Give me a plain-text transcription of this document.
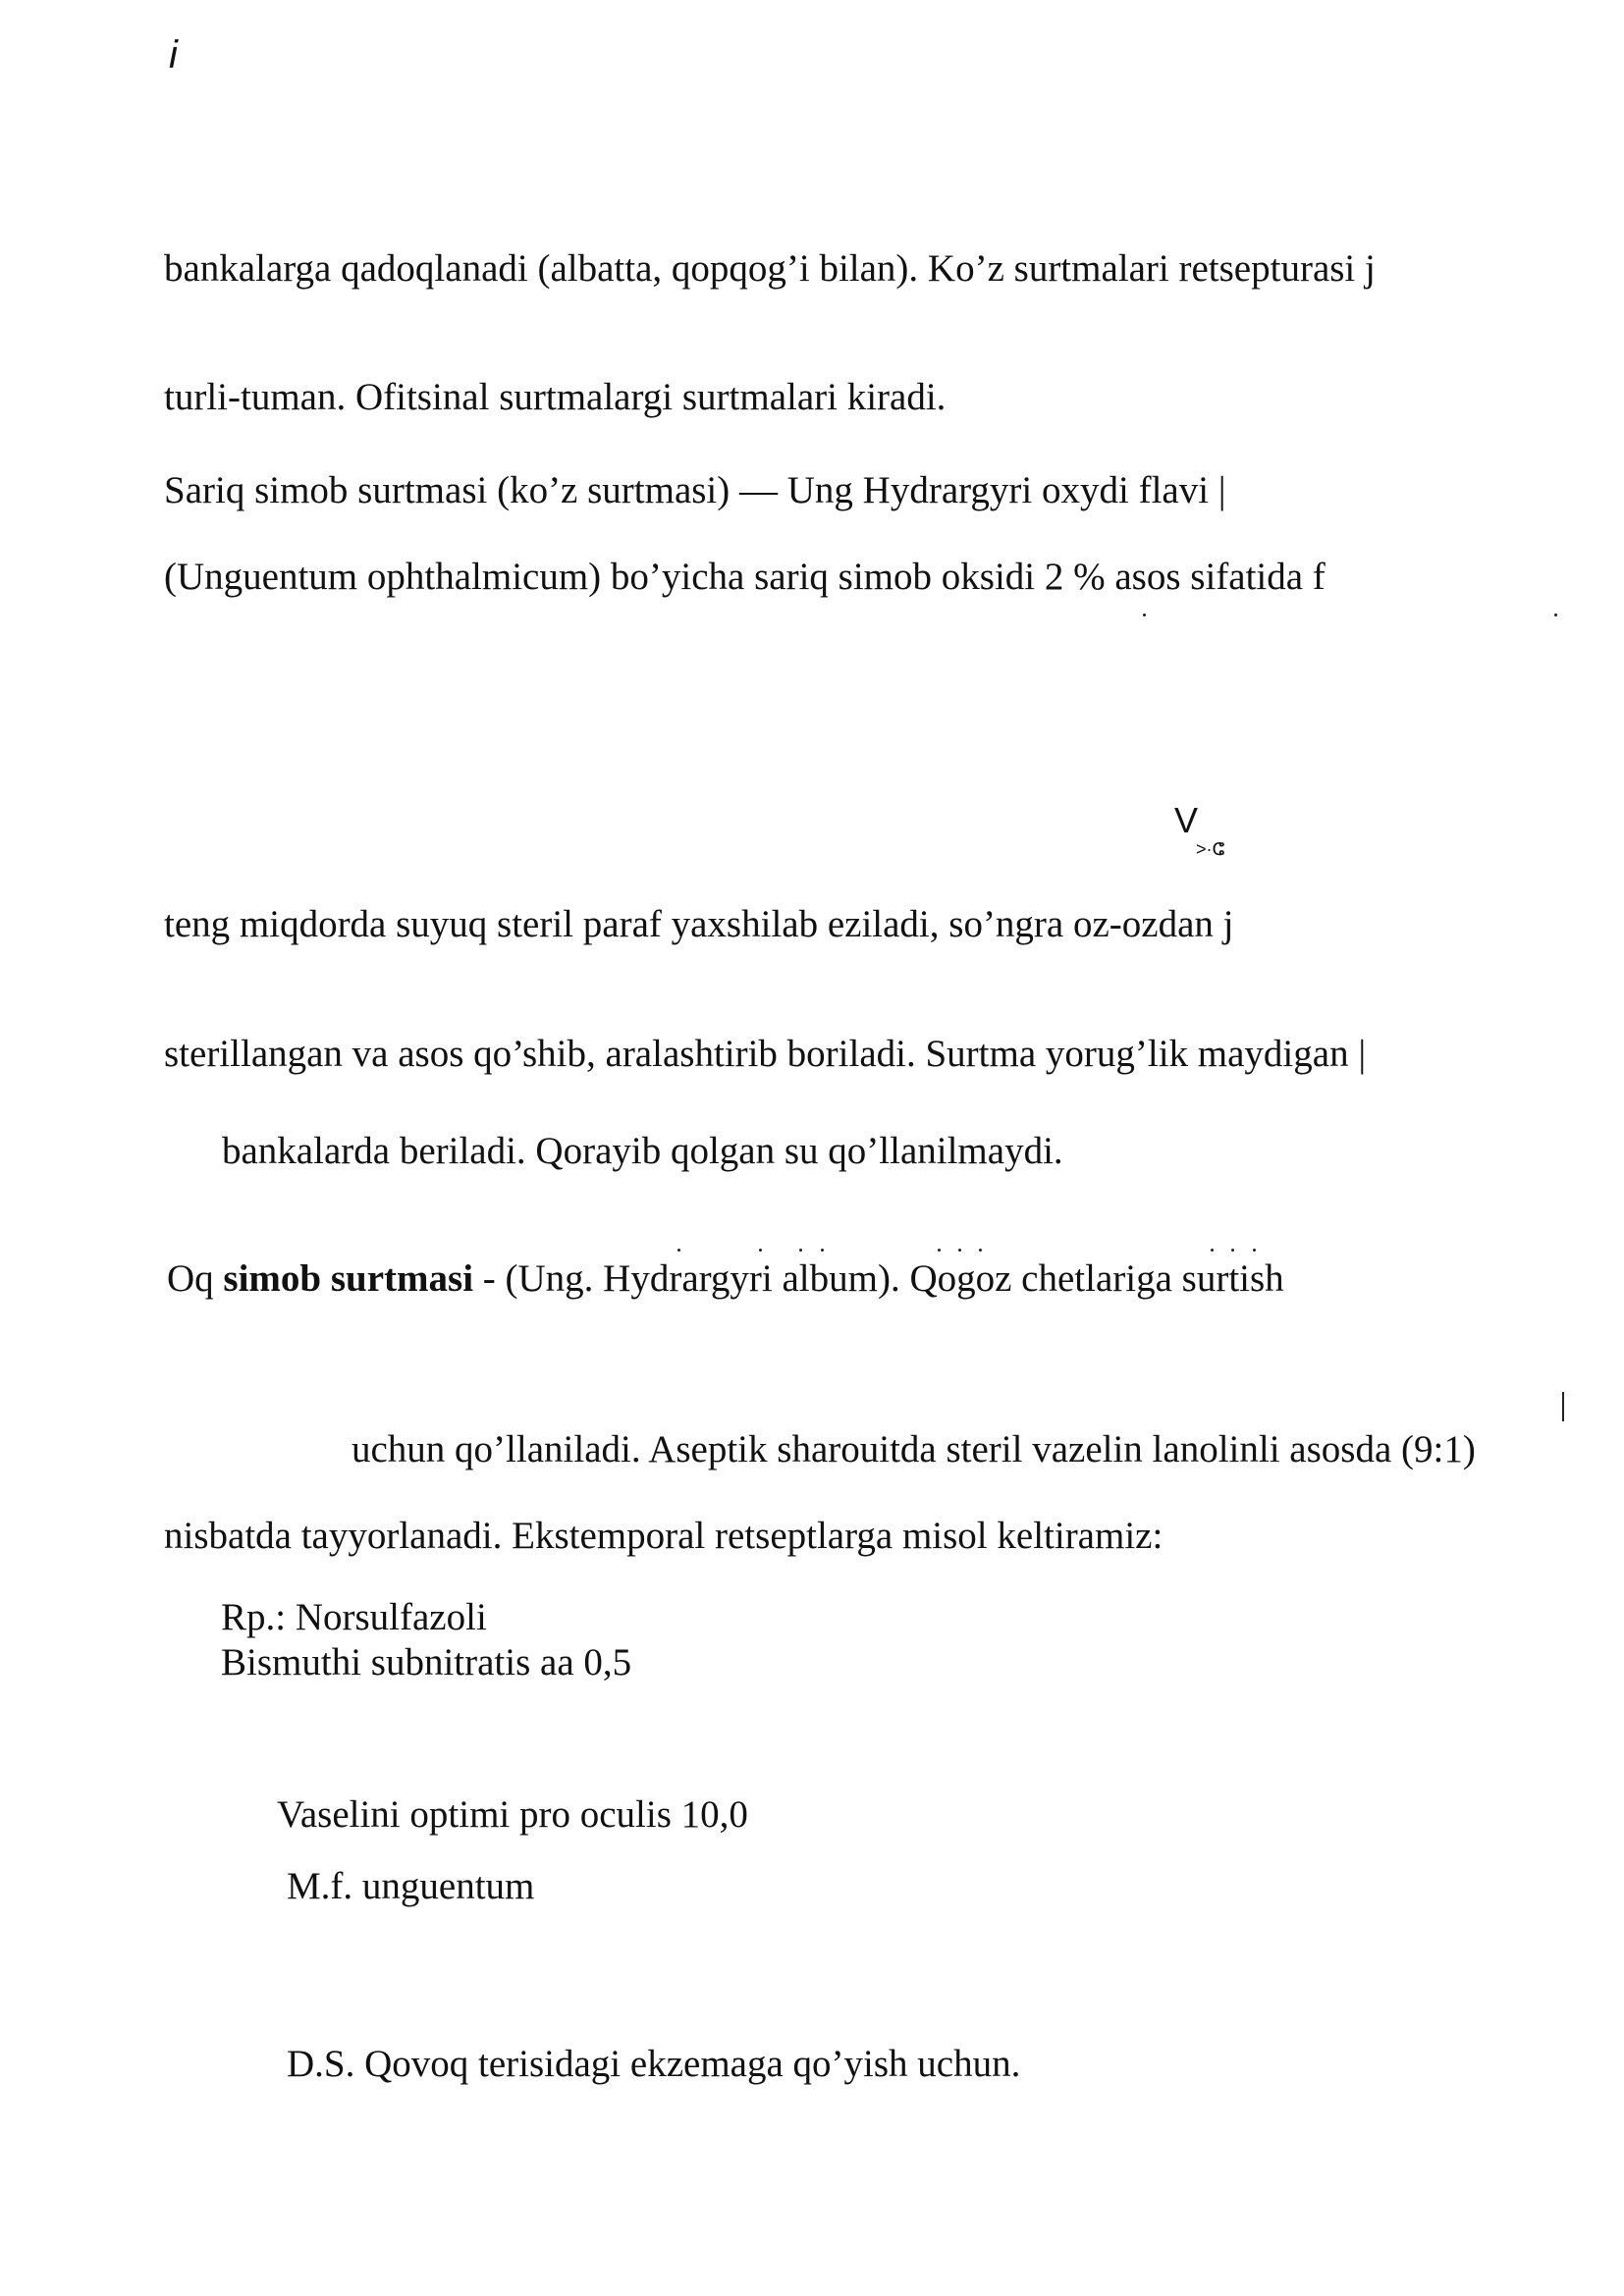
i
bankalarga qadoqlanadi (albatta, qopqog’i bilan). Ko’z surtmalari retsepturasi j
turli-tuman. Ofitsinal surtmalargi surtmalari kiradi.
Sariq simob surtmasi (ko’z surtmasi) — Ung Hydrargyri oxydi flavi |
(Unguentum ophthalmicum) bo’yicha sariq simob oksidi 2 % asos sifatida f
V
>·ⵛ
teng miqdorda suyuq steril paraf yaxshilab eziladi, so’ngra oz-ozdan j
sterillangan va asos qo’shib, aralashtirib boriladi. Surtma yorug’lik maydigan |
bankalarda beriladi. Qorayib qolgan su qo’llanilmaydi.
Oq simob surtmasi - (Ung. Hydrargyri album). Qogoz chetlariga surtish
uchun qo’llaniladi. Aseptik sharouitda steril vazelin lanolinli asosda (9:1)
nisbatda tayyorlanadi. Ekstemporal retseptlarga misol keltiramiz:
Rp.: Norsulfazoli
Bismuthi subnitratis aa 0,5
Vaselini optimi pro oculis 10,0
M.f. unguentum
D.S. Qovoq terisidagi ekzemaga qo’yish uchun.
